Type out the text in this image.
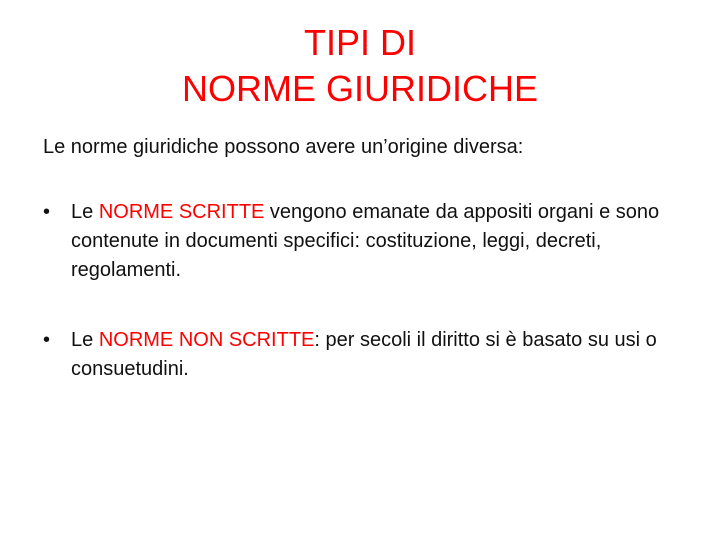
TIPI DI
NORME GIURIDICHE
Le norme giuridiche possono avere un’origine diversa:
•	Le NORME SCRITTE vengono emanate da appositi organi e sono contenute in documenti specifici: costituzione, leggi, decreti, regolamenti.
•	Le NORME NON SCRITTE: per secoli il diritto si è basato su usi o consuetudini.
